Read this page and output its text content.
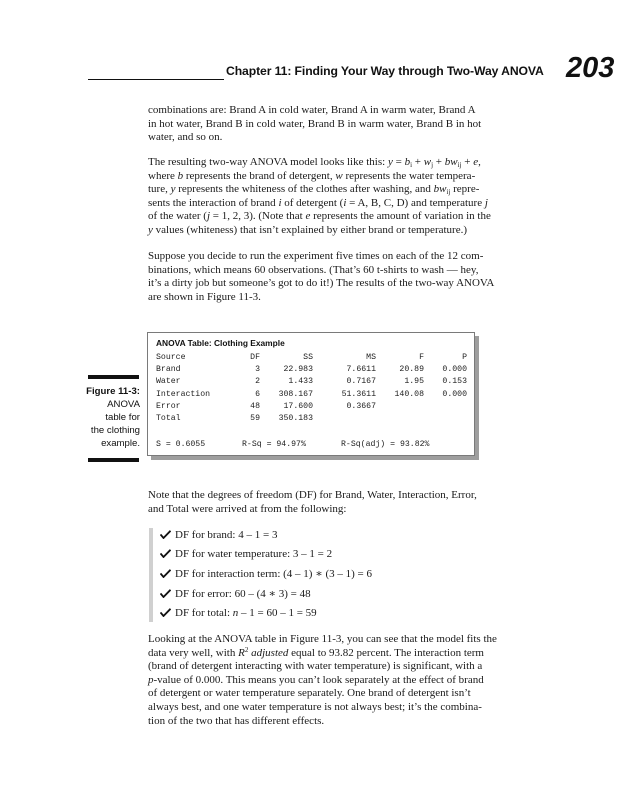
Chapter 11: Finding Your Way through Two-Way ANOVA 203

combinations are: Brand A in cold water, Brand A in warm water, Brand A
in hot water, Brand B in cold water, Brand B in warm water, Brand B in hot
water, and so on.

The resulting two-way ANOVA model looks like this: $y = b_i + w_j + bw_{ij} + e$,
where b represents the brand of detergent, w represents the water tempera-
ture, y represents the whiteness of the clothes after washing, and $bw_{ij}$ repre-
sents the interaction of brand i of detergent (i = A, B, C, D) and temperature j
of the water (j = 1, 2, 3). (Note that e represents the amount of variation in the
y values (whiteness) that isn’t explained by either brand or temperature.)

Suppose you decide to run the experiment five times on each of the 12 com-
binations, which means 60 observations. (That’s 60 t-shirts to wash — hey,
it’s a dirty job but someone’s got to do it!) The results of the two-way ANOVA
are shown in Figure 11-3.

Figure 11-3:
ANOVA
table for
the clothing
example.
ANOVA Table: Clothing Example
Source	DF	SS	MS	F	P
Brand	3	22.983	7.6611	20.89 0.000
Water	2	1.433	0.7167	1.95 0.153
Interaction	6 308.167	51.3611 140.08 0.000
Error	48	17.600	0.3667
Total	59 350.183
S = 0.6055	R-Sq = 94.97%	R-Sq(adj) = 93.82%

Note that the degrees of freedom (DF) for Brand, Water, Interaction, Error,
and Total were arrived at from the following:

DF for brand: 4 – 1 = 3
DF for water temperature: 3 – 1 = 2
DF for interaction term: (4 – 1) ∗ (3 – 1) = 6
DF for error: 60 – (4 ∗ 3) = 48
DF for total: n – 1 = 60 – 1 = 59

Looking at the ANOVA table in Figure 11-3, you can see that the model fits the
data very well, with $R^2$ adjusted equal to 93.82 percent. The interaction term
(brand of detergent interacting with water temperature) is significant, with a
p-value of 0.000. This means you can’t look separately at the effect of brand
of detergent or water temperature separately. One brand of detergent isn’t
always best, and one water temperature is not always best; it’s the combina-
tion of the two that has different effects.
